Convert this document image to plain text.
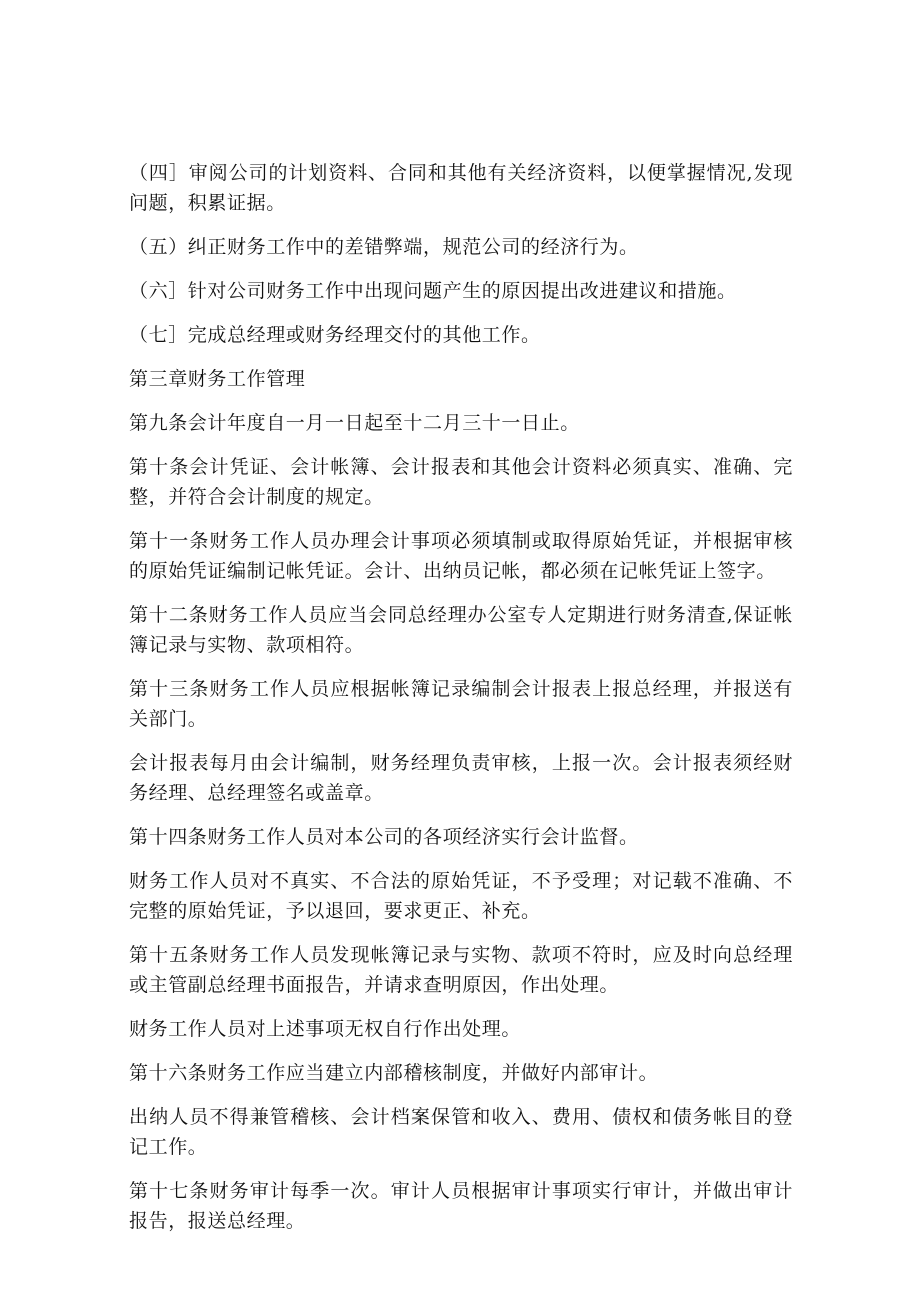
（四］审阅公司的计划资料、合同和其他有关经济资料，以便掌握情况,发现问题，积累证据。

（五）纠正财务工作中的差错弊端，规范公司的经济行为。

（六］针对公司财务工作中出现问题产生的原因提出改进建议和措施。

（七］完成总经理或财务经理交付的其他工作。

第三章财务工作管理

第九条会计年度自一月一日起至十二月三十一日止。

第十条会计凭证、会计帐簿、会计报表和其他会计资料必须真实、准确、完整，并符合会计制度的规定。

第十一条财务工作人员办理会计事项必须填制或取得原始凭证，并根据审核的原始凭证编制记帐凭证。会计、出纳员记帐，都必须在记帐凭证上签字。

第十二条财务工作人员应当会同总经理办公室专人定期进行财务清查,保证帐簿记录与实物、款项相符。

第十三条财务工作人员应根据帐簿记录编制会计报表上报总经理，并报送有关部门。

会计报表每月由会计编制，财务经理负责审核，上报一次。会计报表须经财务经理、总经理签名或盖章。

第十四条财务工作人员对本公司的各项经济实行会计监督。

财务工作人员对不真实、不合法的原始凭证，不予受理；对记载不准确、不完整的原始凭证，予以退回，要求更正、补充。

第十五条财务工作人员发现帐簿记录与实物、款项不符时，应及时向总经理或主管副总经理书面报告，并请求查明原因，作出处理。

财务工作人员对上述事项无权自行作出处理。

第十六条财务工作应当建立内部稽核制度，并做好内部审计。

出纳人员不得兼管稽核、会计档案保管和收入、费用、债权和债务帐目的登记工作。

第十七条财务审计每季一次。审计人员根据审计事项实行审计，并做出审计报告，报送总经理。
